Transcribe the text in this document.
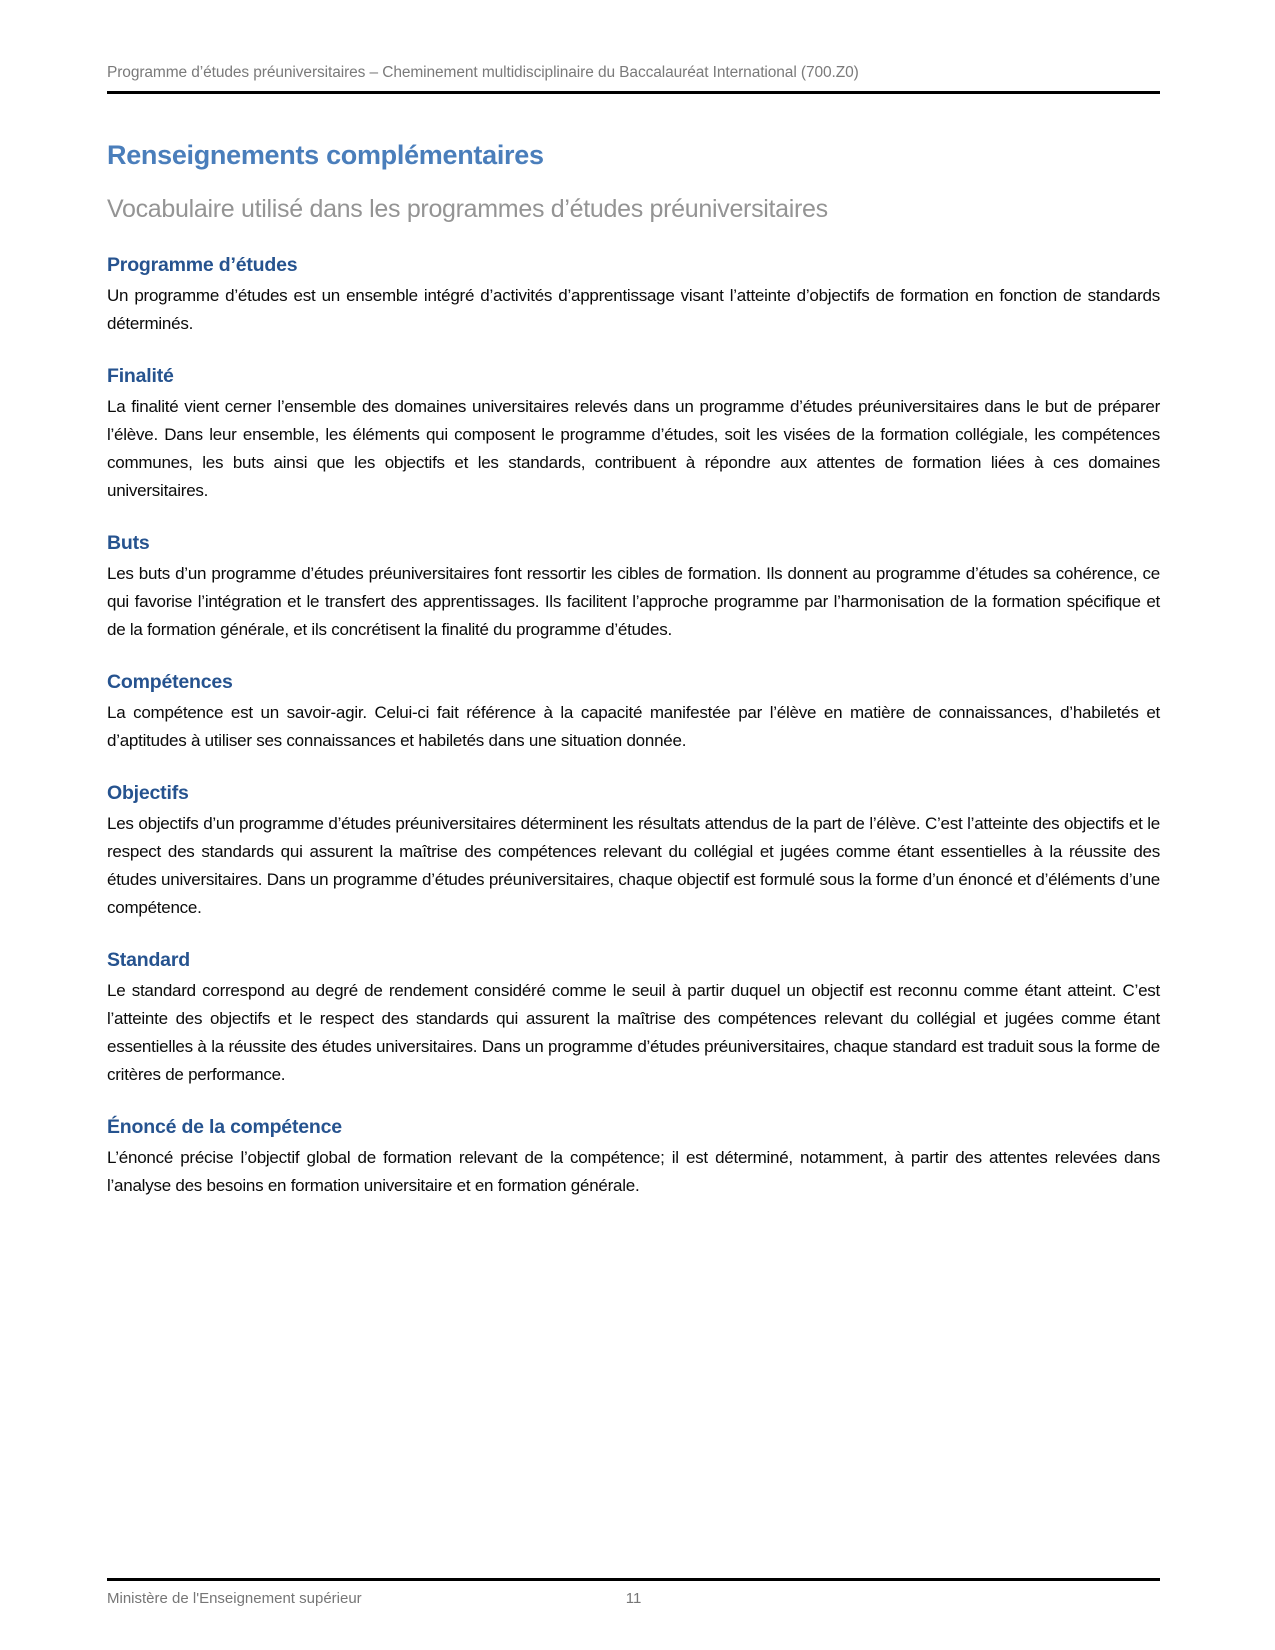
Programme d’études préuniversitaires – Cheminement multidisciplinaire du Baccalauréat International (700.Z0)
Renseignements complémentaires
Vocabulaire utilisé dans les programmes d’études préuniversitaires
Programme d’études

Un programme d’études est un ensemble intégré d’activités d’apprentissage visant l’atteinte d’objectifs de formation en fonction de standards déterminés.

Finalité

La finalité vient cerner l’ensemble des domaines universitaires relevés dans un programme d’études préuniversitaires dans le but de préparer l’élève. Dans leur ensemble, les éléments qui composent le programme d’études, soit les visées de la formation collégiale, les compétences communes, les buts ainsi que les objectifs et les standards, contribuent à répondre aux attentes de formation liées à ces domaines universitaires.

Buts

Les buts d’un programme d’études préuniversitaires font ressortir les cibles de formation. Ils donnent au programme d’études sa cohérence, ce qui favorise l’intégration et le transfert des apprentissages. Ils facilitent l’approche programme par l’harmonisation de la formation spécifique et de la formation générale, et ils concrétisent la finalité du programme d’études.

Compétences

La compétence est un savoir-agir. Celui-ci fait référence à la capacité manifestée par l’élève en matière de connaissances, d’habiletés et d’aptitudes à utiliser ses connaissances et habiletés dans une situation donnée.

Objectifs

Les objectifs d’un programme d’études préuniversitaires déterminent les résultats attendus de la part de l’élève. C’est l’atteinte des objectifs et le respect des standards qui assurent la maîtrise des compétences relevant du collégial et jugées comme étant essentielles à la réussite des études universitaires. Dans un programme d’études préuniversitaires, chaque objectif est formulé sous la forme d’un énoncé et d’éléments d’une compétence.

Standard

Le standard correspond au degré de rendement considéré comme le seuil à partir duquel un objectif est reconnu comme étant atteint. C’est l’atteinte des objectifs et le respect des standards qui assurent la maîtrise des compétences relevant du collégial et jugées comme étant essentielles à la réussite des études universitaires. Dans un programme d’études préuniversitaires, chaque standard est traduit sous la forme de critères de performance.

Énoncé de la compétence

L’énoncé précise l’objectif global de formation relevant de la compétence; il est déterminé, notamment, à partir des attentes relevées dans l’analyse des besoins en formation universitaire et en formation générale.

Ministère de l'Enseignement supérieur	11
